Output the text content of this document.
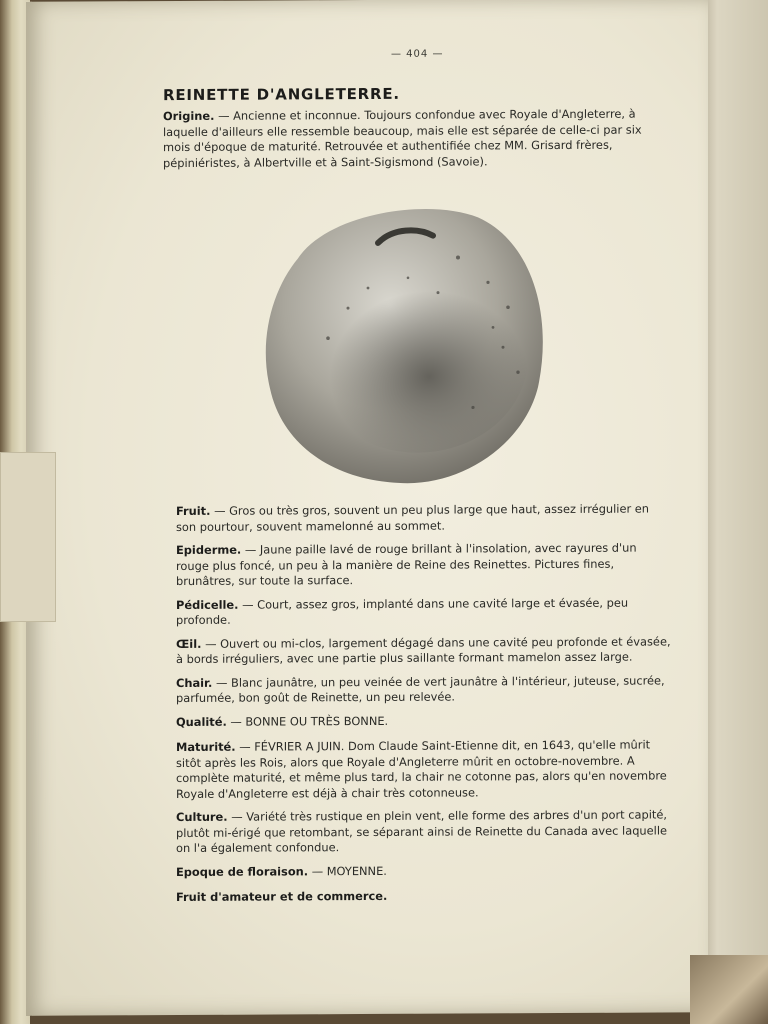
— 404 —
REINETTE D'ANGLETERRE.
Origine. — Ancienne et inconnue. Toujours confondue avec Royale d'Angleterre, à laquelle d'ailleurs elle ressemble beaucoup, mais elle est séparée de celle-ci par six mois d'époque de maturité. Retrouvée et authentifiée chez MM. Grisard frères, pépiniéristes, à Albertville et à Saint-Sigismond (Savoie).
Fruit. — Gros ou très gros, souvent un peu plus large que haut, assez irrégulier en son pourtour, souvent mamelonné au sommet.
Epiderme. — Jaune paille lavé de rouge brillant à l'insolation, avec rayures d'un rouge plus foncé, un peu à la manière de Reine des Reinettes. Pictures fines, brunâtres, sur toute la surface.
Pédicelle. — Court, assez gros, implanté dans une cavité large et évasée, peu profonde.
Œil. — Ouvert ou mi-clos, largement dégagé dans une cavité peu profonde et évasée, à bords irréguliers, avec une partie plus saillante formant mamelon assez large.
Chair. — Blanc jaunâtre, un peu veinée de vert jaunâtre à l'intérieur, juteuse, sucrée, parfumée, bon goût de Reinette, un peu relevée.
Qualité. — BONNE OU TRÈS BONNE.
Maturité. — FÉVRIER A JUIN. Dom Claude Saint-Etienne dit, en 1643, qu'elle mûrit sitôt après les Rois, alors que Royale d'Angleterre mûrit en octobre-novembre. A complète maturité, et même plus tard, la chair ne cotonne pas, alors qu'en novembre Royale d'Angleterre est déjà à chair très cotonneuse.
Culture. — Variété très rustique en plein vent, elle forme des arbres d'un port capité, plutôt mi-érigé que retombant, se séparant ainsi de Reinette du Canada avec laquelle on l'a également confondue.
Epoque de floraison. — MOYENNE.
Fruit d'amateur et de commerce.
